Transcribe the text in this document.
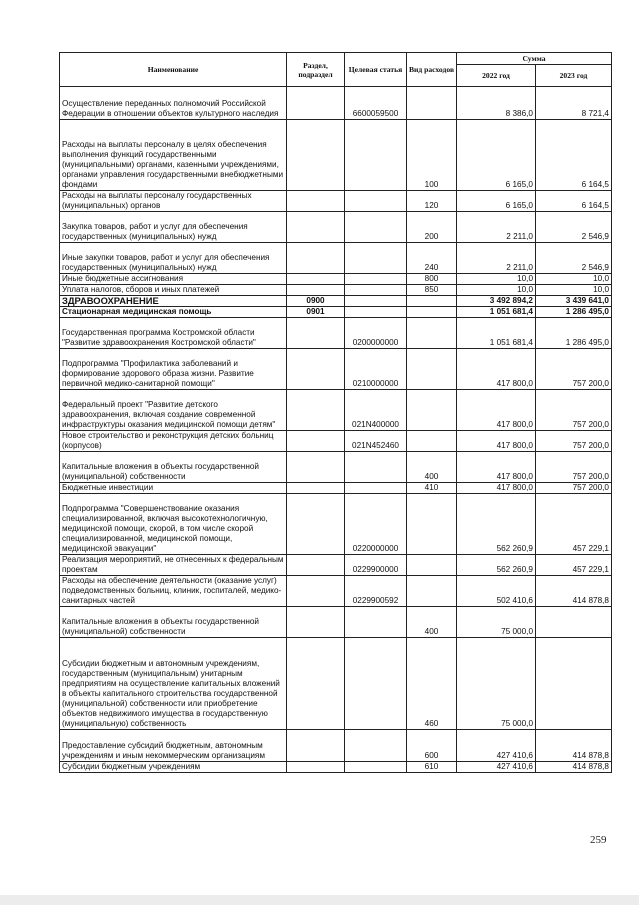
Наименование	Раздел, подраздел	Целевая статья	Вид расходов	Сумма	
				2022 год	2023 год
Осуществление переданных полномочий Российской Федерации в отношении объектов культурного наследия		6600059500		8 386,0	8 721,4
Расходы на выплаты персоналу в целях обеспечения выполнения функций государственными (муниципальными) органами, казенными учреждениями, органами управления государственными внебюджетными фондами			100	6 165,0	6 164,5
Расходы на выплаты персоналу государственных (муниципальных) органов			120	6 165,0	6 164,5
Закупка товаров, работ и услуг для обеспечения государственных (муниципальных) нужд			200	2 211,0	2 546,9
Иные закупки товаров, работ и услуг для обеспечения государственных (муниципальных) нужд			240	2 211,0	2 546,9
Иные бюджетные ассигнования			800	10,0	10,0
Уплата налогов, сборов и иных платежей			850	10,0	10,0
ЗДРАВООХРАНЕНИЕ	0900			3 492 894,2	3 439 641,0
Стационарная медицинская помощь	0901			1 051 681,4	1 286 495,0
Государственная программа Костромской области "Развитие здравоохранения Костромской области"		0200000000		1 051 681,4	1 286 495,0
Подпрограмма "Профилактика заболеваний и формирование здорового образа жизни. Развитие первичной медико-санитарной помощи"		0210000000		417 800,0	757 200,0
Федеральный проект "Развитие детского здравоохранения, включая создание современной инфраструктуры оказания медицинской помощи детям"		021N400000		417 800,0	757 200,0
Новое строительство и реконструкция детских больниц (корпусов)		021N452460		417 800,0	757 200,0
Капитальные вложения в объекты государственной (муниципальной) собственности			400	417 800,0	757 200,0
Бюджетные инвестиции			410	417 800,0	757 200,0
Подпрограмма "Совершенствование оказания специализированной, включая высокотехнологичную, медицинской помощи, скорой, в том числе скорой специализированной, медицинской помощи, медицинской эвакуации"		0220000000		562 260,9	457 229,1
Реализация мероприятий, не отнесенных к федеральным проектам		0229900000		562 260,9	457 229,1
Расходы на обеспечение деятельности (оказание услуг) подведомственных больниц, клиник, госпиталей, медико-санитарных частей		0229900592		502 410,6	414 878,8
Капитальные вложения в объекты государственной (муниципальной) собственности			400	75 000,0	
Субсидии бюджетным и автономным учреждениям, государственным (муниципальным) унитарным предприятиям на осуществление капитальных вложений в объекты капитального строительства государственной (муниципальной) собственности или приобретение объектов недвижимого имущества в государственную (муниципальную) собственность			460	75 000,0	
Предоставление субсидий бюджетным, автономным учреждениям и иным некоммерческим организациям			600	427 410,6	414 878,8
Субсидии бюджетным учреждениям			610	427 410,6	414 878,8
259
